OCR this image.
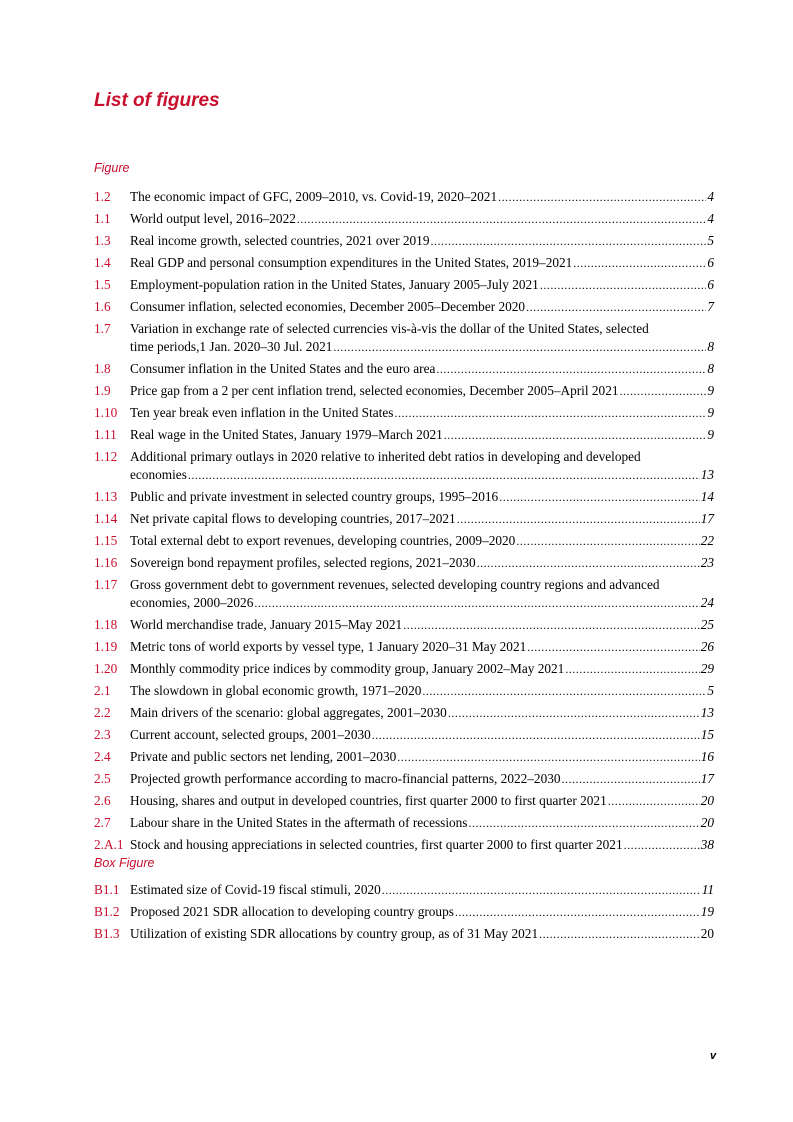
List of figures
Figure
1.2 The economic impact of GFC, 2009–2010, vs. Covid-19, 2020–2021 .....	4
1.1 World output level, 2016–2022 .....	4
1.3 Real income growth, selected countries, 2021 over 2019 .....	5
1.4 Real GDP and personal consumption expenditures in the United States, 2019–2021 .....	6
1.5 Employment-population ration in the United States, January 2005–July 2021 .....	6
1.6 Consumer inflation, selected economies, December 2005–December 2020 .....	7
1.7 Variation in exchange rate of selected currencies vis-à-vis the dollar of the United States, selected
time periods,1 Jan. 2020–30 Jul. 2021 .....	8
1.8 Consumer inflation in the United States and the euro area .....	8
1.9 Price gap from a 2 per cent inflation trend, selected economies, December 2005–April 2021 .....	9
1.10 Ten year break even inflation in the United States .....	9
1.11 Real wage in the United States, January 1979–March 2021 .....	9
1.12 Additional primary outlays in 2020 relative to inherited debt ratios in developing and developed
economies .....	13
1.13 Public and private investment in selected country groups, 1995–2016 .....	14
1.14 Net private capital flows to developing countries, 2017–2021 .....	17
1.15 Total external debt to export revenues, developing countries, 2009–2020 .....	22
1.16 Sovereign bond repayment profiles, selected regions, 2021–2030 .....	23
1.17 Gross government debt to government revenues, selected developing country regions and advanced
economies, 2000–2026 .....	24
1.18 World merchandise trade, January 2015–May 2021 .....	25
1.19 Metric tons of world exports by vessel type, 1 January 2020–31 May 2021 .....	26
1.20 Monthly commodity price indices by commodity group, January 2002–May 2021 .....	29
2.1 The slowdown in global economic growth, 1971–2020 .....	5
2.2 Main drivers of the scenario: global aggregates, 2001–2030 .....	13
2.3 Current account, selected groups, 2001–2030 .....	15
2.4 Private and public sectors net lending, 2001–2030 .....	16
2.5 Projected growth performance according to macro-financial patterns, 2022–2030 .....	17
2.6 Housing, shares and output in developed countries, first quarter 2000 to first quarter 2021 .....	20
2.7 Labour share in the United States in the aftermath of recessions .....	20
2.A.1 Stock and housing appreciations in selected countries, first quarter 2000 to first quarter 2021 .....	38
Box Figure
B1.1 Estimated size of Covid-19 fiscal stimuli, 2020 .....	11
B1.2 Proposed 2021 SDR allocation to developing country groups .....	19
B1.3 Utilization of existing SDR allocations by country group, as of 31 May 2021 .....	20
v
